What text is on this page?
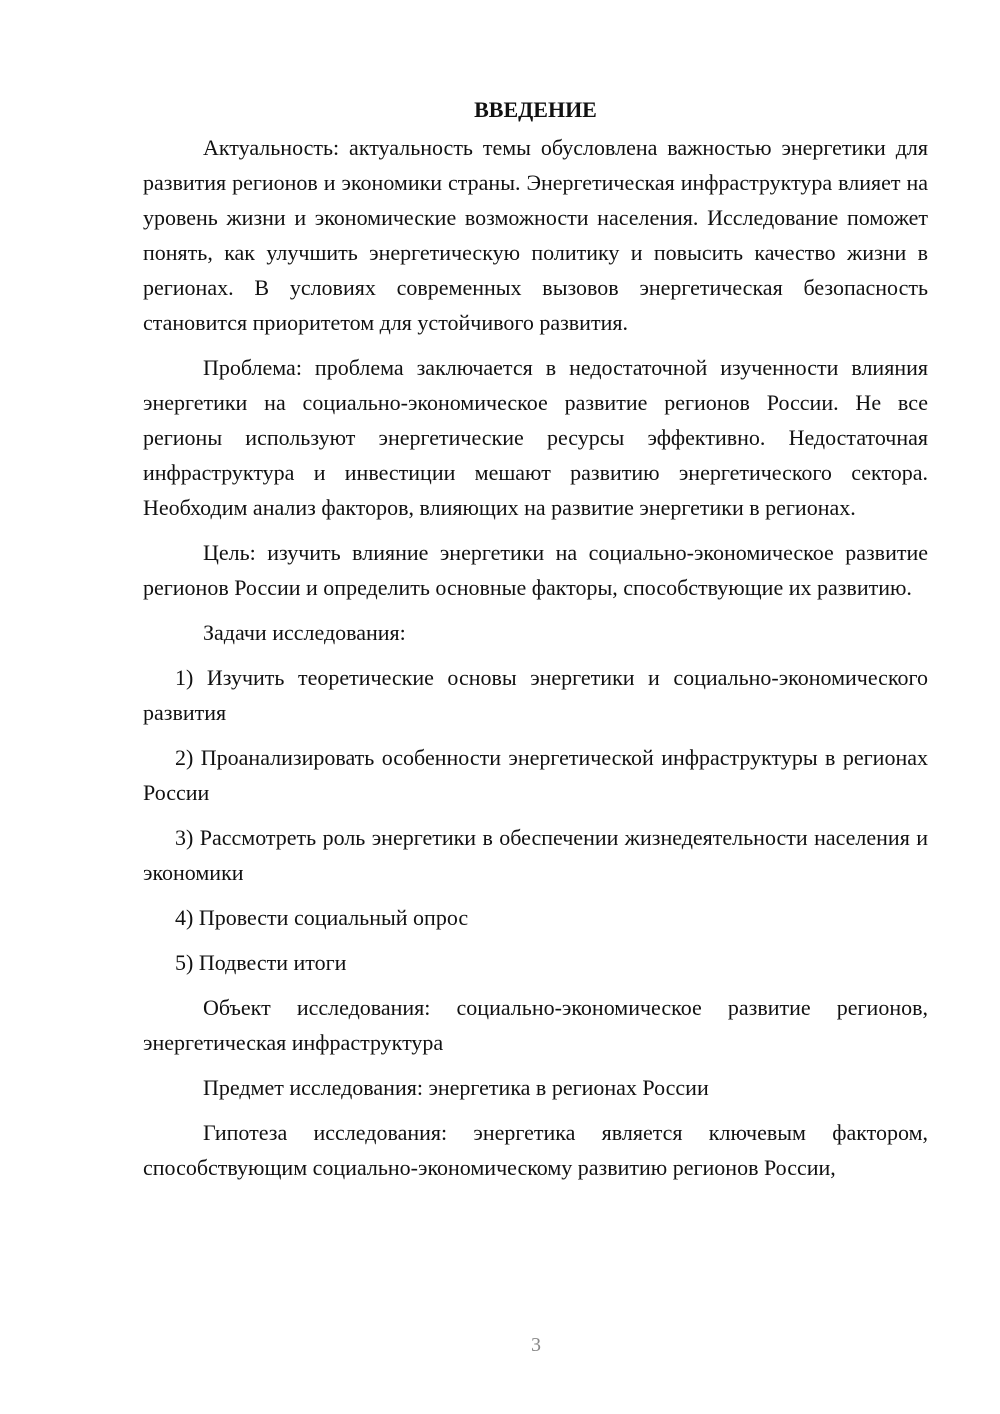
ВВЕДЕНИЕ

Актуальность: актуальность темы обусловлена важностью энергетики для развития регионов и экономики страны. Энергетическая инфраструктура влияет на уровень жизни и экономические возможности населения. Исследование поможет понять, как улучшить энергетическую политику и повысить качество жизни в регионах. В условиях современных вызовов энергетическая безопасность становится приоритетом для устойчивого развития.

Проблема: проблема заключается в недостаточной изученности влияния энергетики на социально-экономическое развитие регионов России. Не все регионы используют энергетические ресурсы эффективно. Недостаточная инфраструктура и инвестиции мешают развитию энергетического сектора. Необходим анализ факторов, влияющих на развитие энергетики в регионах.

Цель: изучить влияние энергетики на социально-экономическое развитие регионов России и определить основные факторы, способствующие их развитию.

Задачи исследования:

1) Изучить теоретические основы энергетики и социально-экономического развития

2) Проанализировать особенности энергетической инфраструктуры в регионах России

3) Рассмотреть роль энергетики в обеспечении жизнедеятельности населения и экономики

4) Провести социальный опрос

5) Подвести итоги

Объект исследования: социально-экономическое развитие регионов, энергетическая инфраструктура

Предмет исследования: энергетика в регионах России

Гипотеза исследования: энергетика является ключевым фактором, способствующим социально-экономическому развитию регионов России,

3
